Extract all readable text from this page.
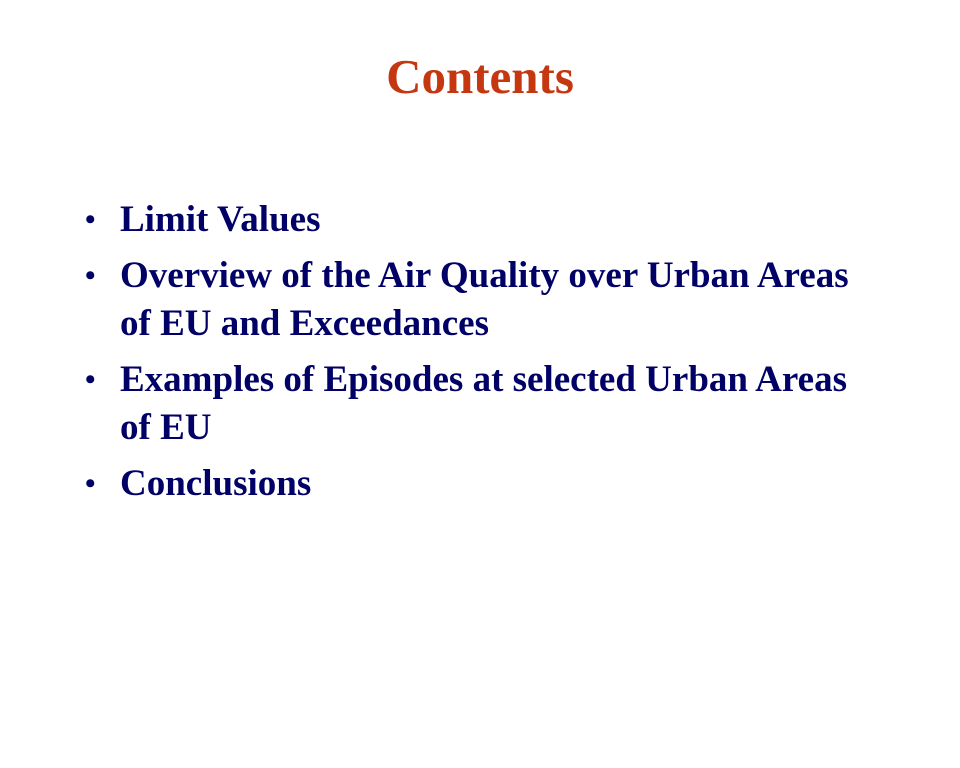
Contents
• Limit Values
• Overview of the Air Quality over Urban Areas
of EU and Exceedances
• Examples of Episodes at selected Urban Areas
of EU
• Conclusions
